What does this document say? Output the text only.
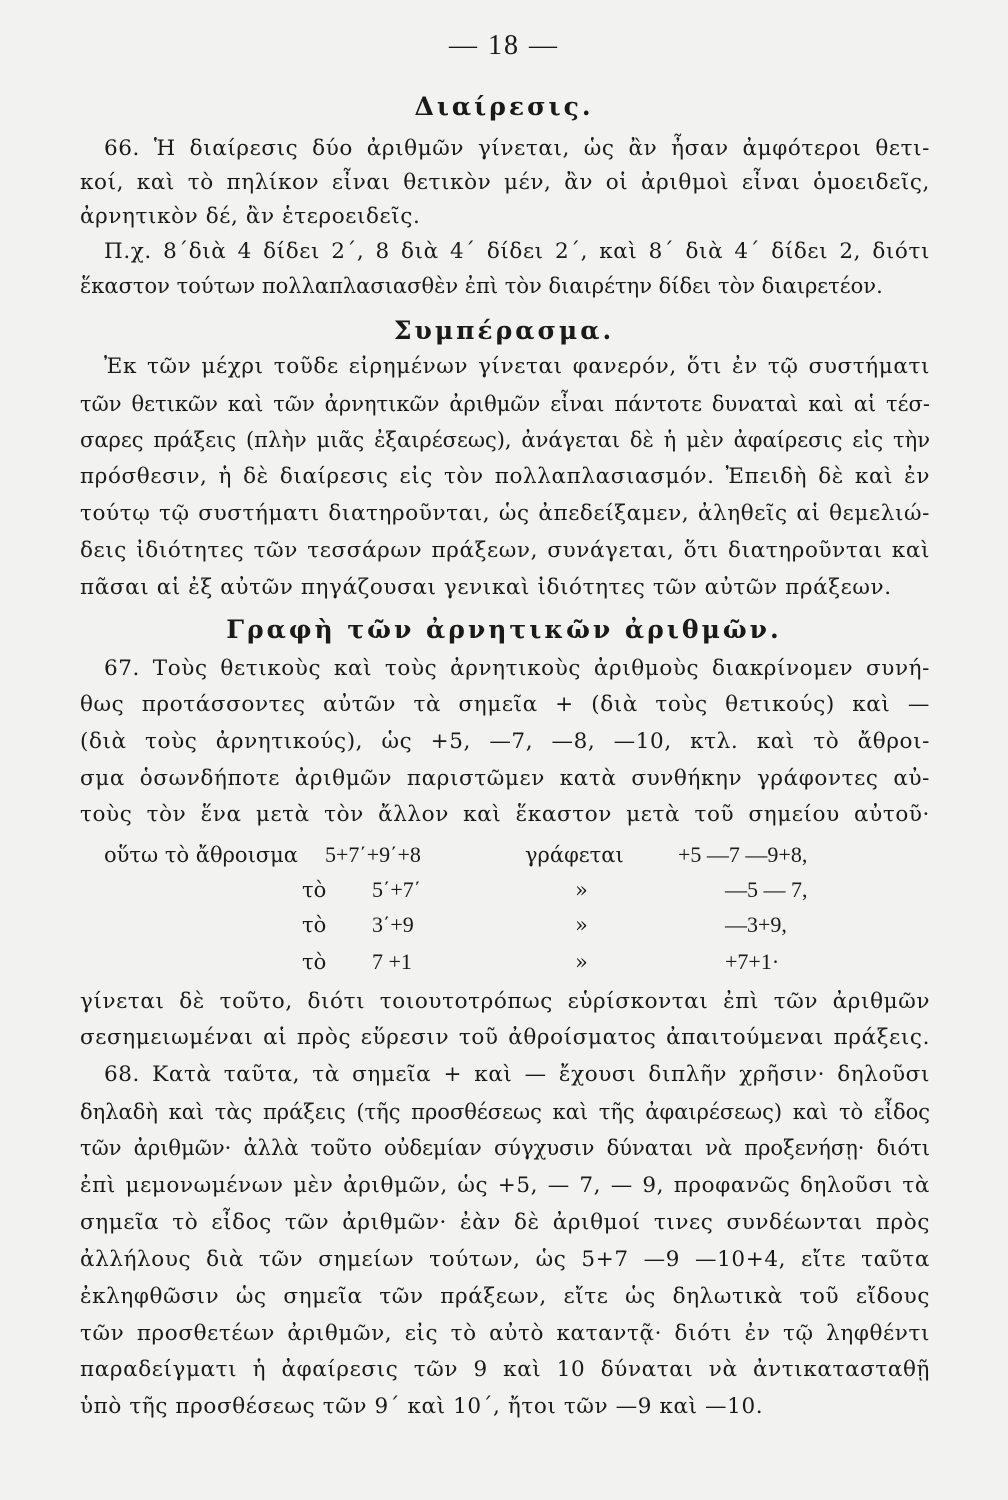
— 18 —
Διαίρεσις.
66. Ἡ διαίρεσις δύο ἀριθμῶν γίνεται, ὡς ἂν ἦσαν ἀμφότεροι θετι-
κοί, καὶ τὸ πηλίκον εἶναι θετικὸν μέν, ἂν οἱ ἀριθμοὶ εἶναι ὁμοειδεῖς,
ἀρνητικὸν δέ, ἂν ἑτεροειδεῖς.
Π.χ. 8΄διὰ 4 δίδει 2΄, 8 διὰ 4΄ δίδει 2΄, καὶ 8΄ διὰ 4΄ δίδει 2, διότι
ἕκαστον τούτων πολλαπλασιασθὲν ἐπὶ τὸν διαιρέτην δίδει τὸν διαιρετέον.
Συμπέρασμα.
Ἐκ τῶν μέχρι τοῦδε εἰρημένων γίνεται φανερόν, ὅτι ἐν τῷ συστήματι
τῶν θετικῶν καὶ τῶν ἀρνητικῶν ἀριθμῶν εἶναι πάντοτε δυναταὶ καὶ αἱ τέσ-
σαρες πράξεις (πλὴν μιᾶς ἐξαιρέσεως), ἀνάγεται δὲ ἡ μὲν ἀφαίρεσις εἰς τὴν
πρόσθεσιν, ἡ δὲ διαίρεσις εἰς τὸν πολλαπλασιασμόν. Ἐπειδὴ δὲ καὶ ἐν
τούτῳ τῷ συστήματι διατηροῦνται, ὡς ἀπεδείξαμεν, ἀληθεῖς αἱ θεμελιώ-
δεις ἰδιότητες τῶν τεσσάρων πράξεων, συνάγεται, ὅτι διατηροῦνται καὶ
πᾶσαι αἱ ἐξ αὐτῶν πηγάζουσαι γενικαὶ ἰδιότητες τῶν αὐτῶν πράξεων.
Γραφὴ τῶν ἀρνητικῶν ἀριθμῶν.
67. Τοὺς θετικοὺς καὶ τοὺς ἀρνητικοὺς ἀριθμοὺς διακρίνομεν συνή-
θως προτάσσοντες αὐτῶν τὰ σημεῖα + (διὰ τοὺς θετικούς) καὶ —
(διὰ τοὺς ἀρνητικούς), ὡς +5, —7, —8, —10, κτλ. καὶ τὸ ἄθροι-
σμα ὁσωνδήποτε ἀριθμῶν παριστῶμεν κατὰ συνθήκην γράφοντες αὐ-
τοὺς τὸν ἕνα μετὰ τὸν ἄλλον καὶ ἕκαστον μετὰ τοῦ σημείου αὐτοῦ·
οὕτω τὸ ἄθροισμα 5+7΄+9΄+8	γράφεται +5 —7 —9+8,
τὸ 5΄+7΄	»	—5 — 7,
τὸ 3΄+9	»	—3+9,
τὸ 7 +1	»	+7+1·
γίνεται δὲ τοῦτο, διότι τοιουτοτρόπως εὑρίσκονται ἐπὶ τῶν ἀριθμῶν
σεσημειωμέναι αἱ πρὸς εὕρεσιν τοῦ ἀθροίσματος ἀπαιτούμεναι πράξεις.
68. Κατὰ ταῦτα, τὰ σημεῖα + καὶ — ἔχουσι διπλῆν χρῆσιν· δηλοῦσι
δηλαδὴ καὶ τὰς πράξεις (τῆς προσθέσεως καὶ τῆς ἀφαιρέσεως) καὶ τὸ εἶδος
τῶν ἀριθμῶν· ἀλλὰ τοῦτο οὐδεμίαν σύγχυσιν δύναται νὰ προξενήσῃ· διότι
ἐπὶ μεμονωμένων μὲν ἀριθμῶν, ὡς +5, — 7, — 9, προφανῶς δηλοῦσι τὰ
σημεῖα τὸ εἶδος τῶν ἀριθμῶν· ἐὰν δὲ ἀριθμοί τινες συνδέωνται πρὸς
ἀλλήλους διὰ τῶν σημείων τούτων, ὡς 5+7 —9 —10+4, εἴτε ταῦτα
ἐκληφθῶσιν ὡς σημεῖα τῶν πράξεων, εἴτε ὡς δηλωτικὰ τοῦ εἴδους
τῶν προσθετέων ἀριθμῶν, εἰς τὸ αὐτὸ καταντᾷ· διότι ἐν τῷ ληφθέντι
παραδείγματι ἡ ἀφαίρεσις τῶν 9 καὶ 10 δύναται νὰ ἀντικατασταθῇ
ὑπὸ τῆς προσθέσεως τῶν 9΄ καὶ 10΄, ἤτοι τῶν —9 καὶ —10.
